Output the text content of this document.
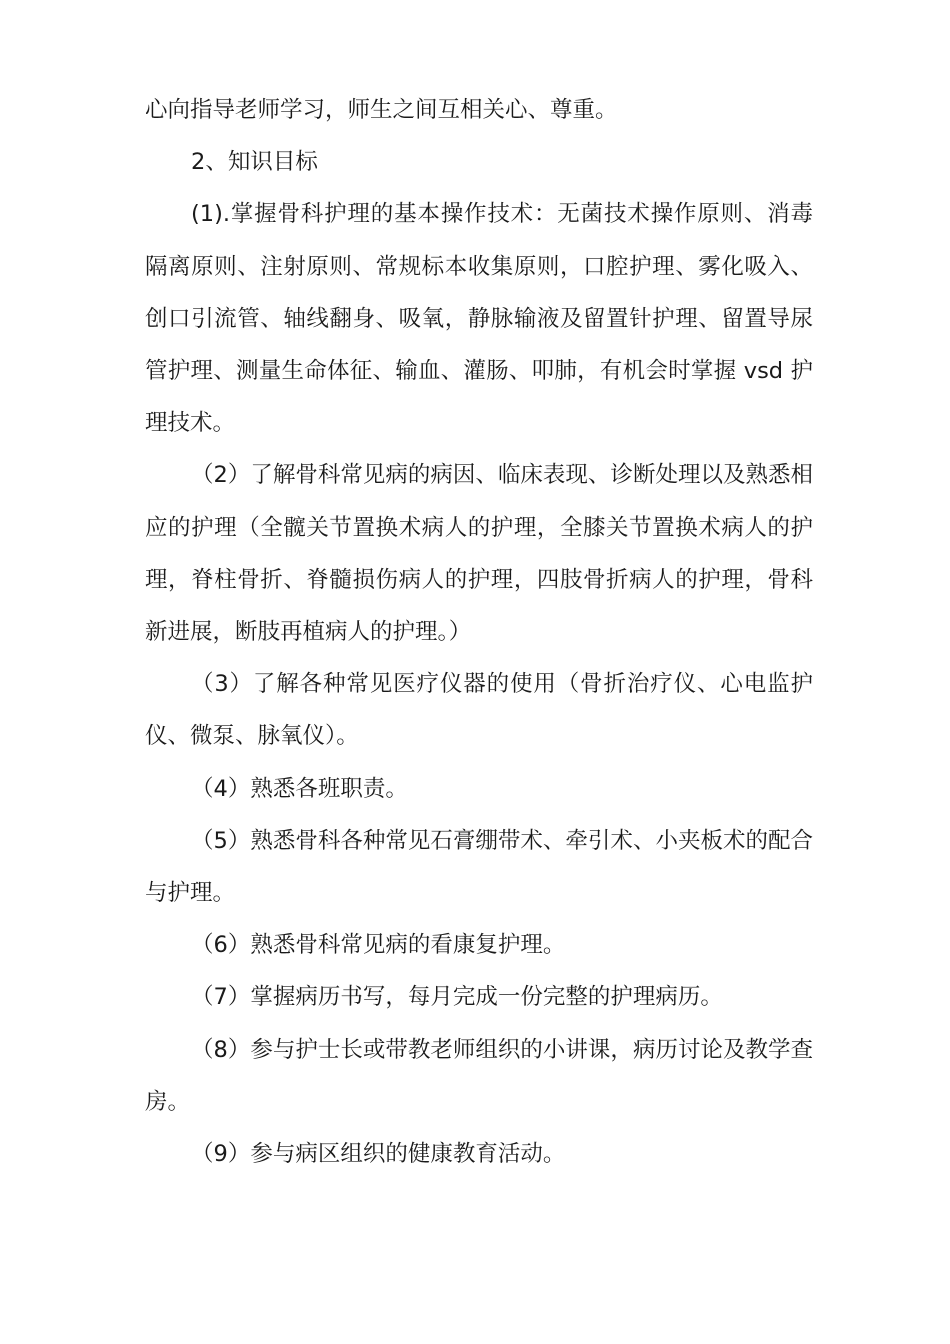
心向指导老师学习，师生之间互相关心、尊重。

2、知识目标

(1).掌握骨科护理的基本操作技术：无菌技术操作原则、消毒隔离原则、注射原则、常规标本收集原则，口腔护理、雾化吸入、创口引流管、轴线翻身、吸氧，静脉输液及留置针护理、留置导尿管护理、测量生命体征、输血、灌肠、叩肺，有机会时掌握 vsd 护理技术。

（2）了解骨科常见病的病因、临床表现、诊断处理以及熟悉相应的护理（全髋关节置换术病人的护理，全膝关节置换术病人的护理，脊柱骨折、脊髓损伤病人的护理，四肢骨折病人的护理，骨科新进展，断肢再植病人的护理。）

（3）了解各种常见医疗仪器的使用（骨折治疗仪、心电监护仪、微泵、脉氧仪）。

（4）熟悉各班职责。

（5）熟悉骨科各种常见石膏绷带术、牵引术、小夹板术的配合与护理。

（6）熟悉骨科常见病的看康复护理。

（7）掌握病历书写，每月完成一份完整的护理病历。

（8）参与护士长或带教老师组织的小讲课，病历讨论及教学查房。

（9）参与病区组织的健康教育活动。
